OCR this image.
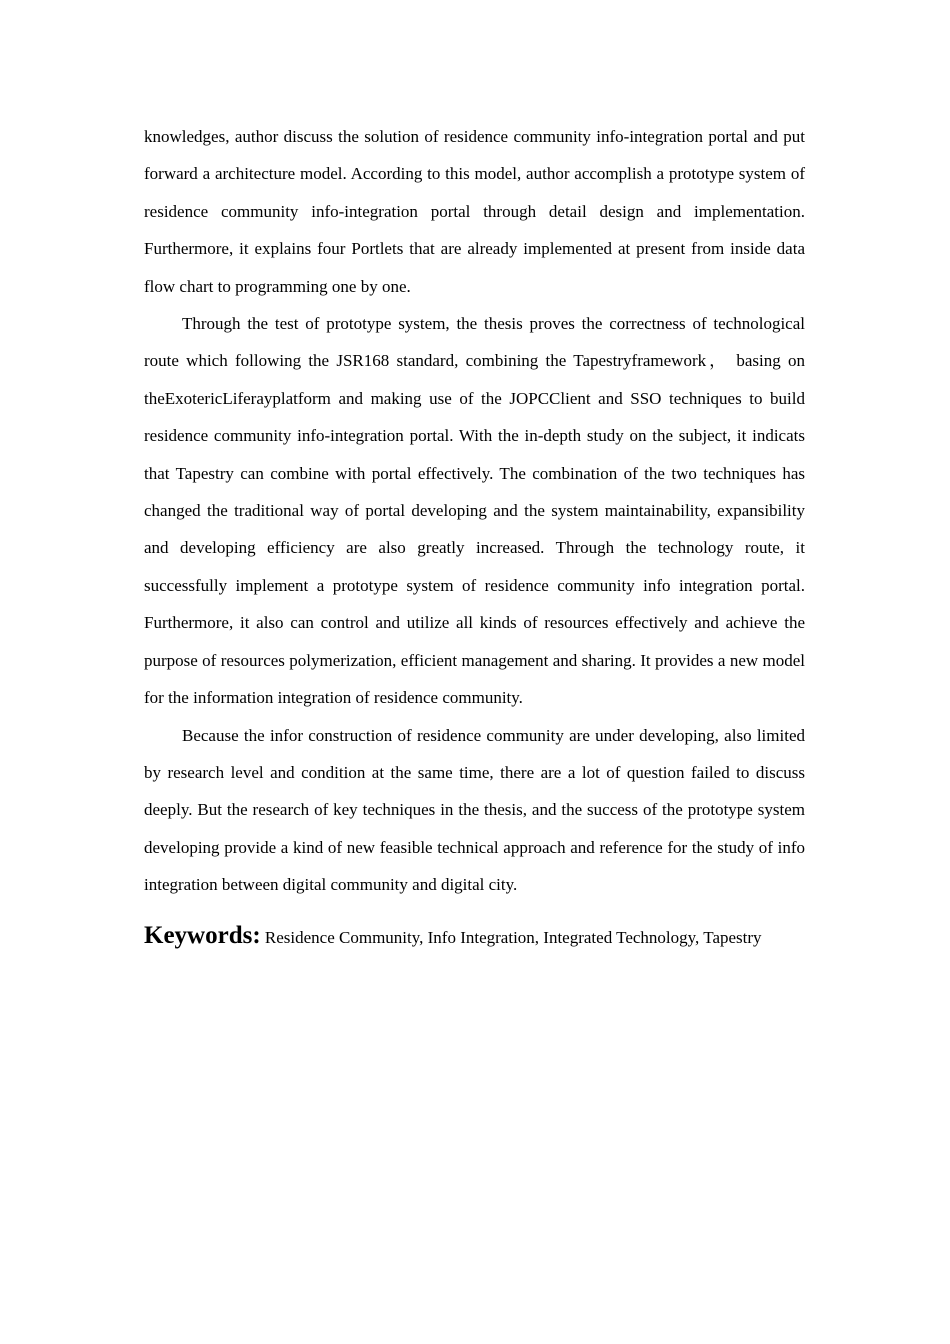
knowledges, author discuss the solution of residence community info-integration portal and put forward a architecture model. According to this model, author accomplish a prototype system of residence community info-integration portal through detail design and implementation. Furthermore, it explains four Portlets that are already implemented at present from inside data flow chart to programming one by one.

Through the test of prototype system, the thesis proves the correctness of technological route which following the JSR168 standard, combining the Tapestryframework， basing on theExotericLiferayplatform and making use of the JOPCClient and SSO techniques to build residence community info-integration portal. With the in-depth study on the subject, it indicats that Tapestry can combine with portal effectively. The combination of the two techniques has changed the traditional way of portal developing and the system maintainability, expansibility and developing efficiency are also greatly increased. Through the technology route, it successfully implement a prototype system of residence community info integration portal. Furthermore, it also can control and utilize all kinds of resources effectively and achieve the purpose of resources polymerization, efficient management and sharing. It provides a new model for the information integration of residence community.

Because the infor construction of residence community are under developing, also limited by research level and condition at the same time, there are a lot of question failed to discuss deeply. But the research of key techniques in the thesis, and the success of the prototype system developing provide a kind of new feasible technical approach and reference for the study of info integration between digital community and digital city.

Keywords: Residence Community, Info Integration, Integrated Technology, Tapestry
